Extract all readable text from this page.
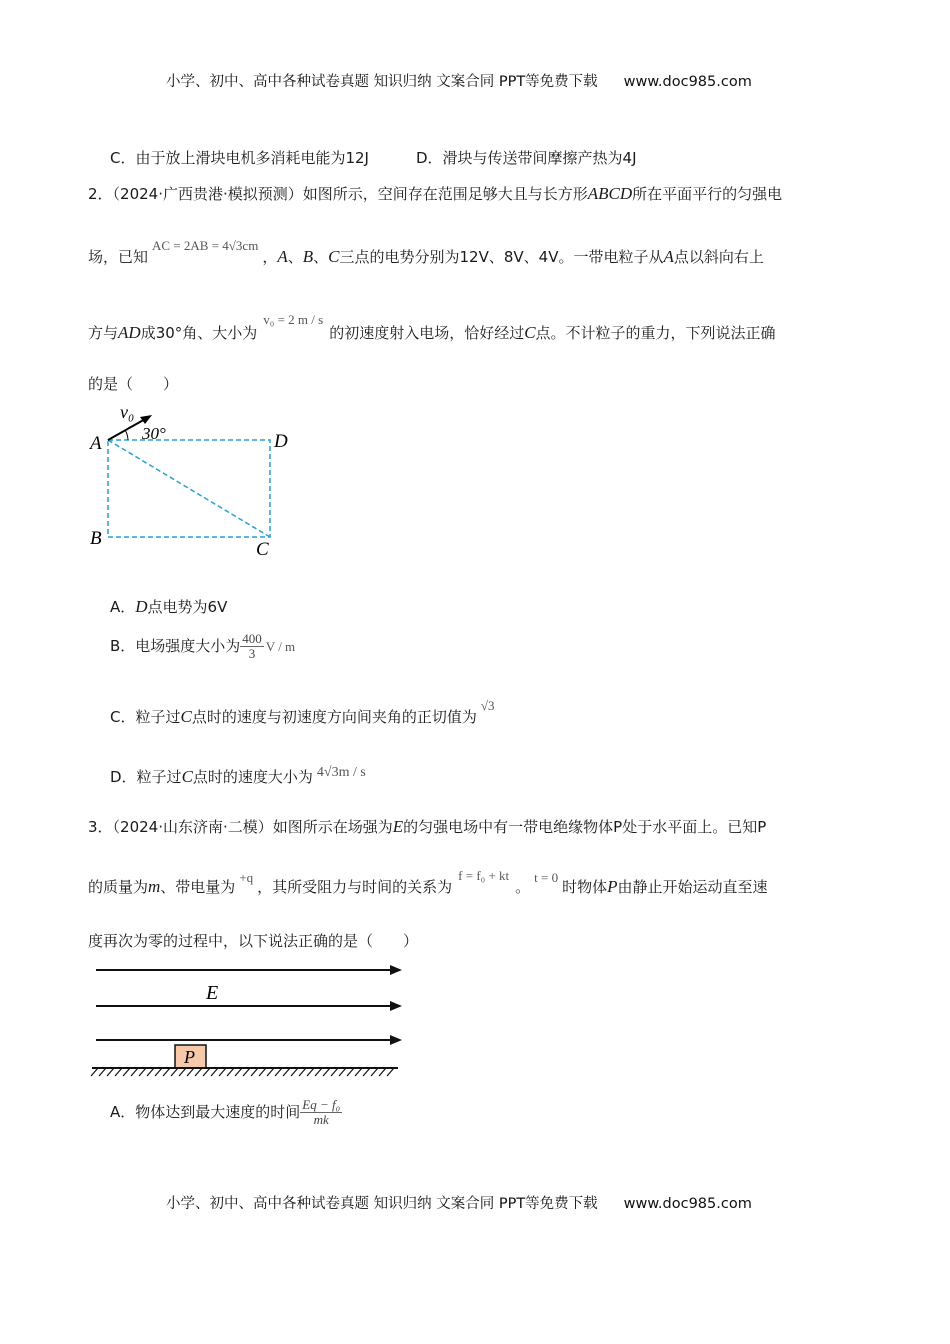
小学、初中、高中各种试卷真题 知识归纳 文案合同 PPT等免费下载 www.doc985.com
C．由于放上滑块电机多消耗电能为12J	D．滑块与传送带间摩擦产热为4J
2．（2024·广西贵港·模拟预测）如图所示，空间存在范围足够大且与长方形ABCD所在平面平行的匀强电
场，已知AC = 2AB = 4√3cm，A、B、C三点的电势分别为12V、8V、4V。一带电粒子从A点以斜向右上
方与AD成30°角、大小为v₀ = 2 m / s的初速度射入电场，恰好经过C点。不计粒子的重力，下列说法正确
的是（　　）
v₀
30°
A	D
B
C
A．D点电势为6V
B．电场强度大小为 $\frac{400}{3}$ V / m
C．粒子过C点时的速度与初速度方向间夹角的正切值为√3
D．粒子过C点时的速度大小为 4√3m / s
3．（2024·山东济南·二模）如图所示在场强为E的匀强电场中有一带电绝缘物体P处于水平面上。已知P
的质量为m、带电量为+q，其所受阻力与时间的关系为f = f₀ + kt。t = 0时物体P由静止开始运动直至速
度再次为零的过程中，以下说法正确的是（　　）
E
P
A．物体达到最大速度的时间 $\frac{\text{Eq − f₀}}{mk}$
小学、初中、高中各种试卷真题 知识归纳 文案合同 PPT等免费下载 www.doc985.com
